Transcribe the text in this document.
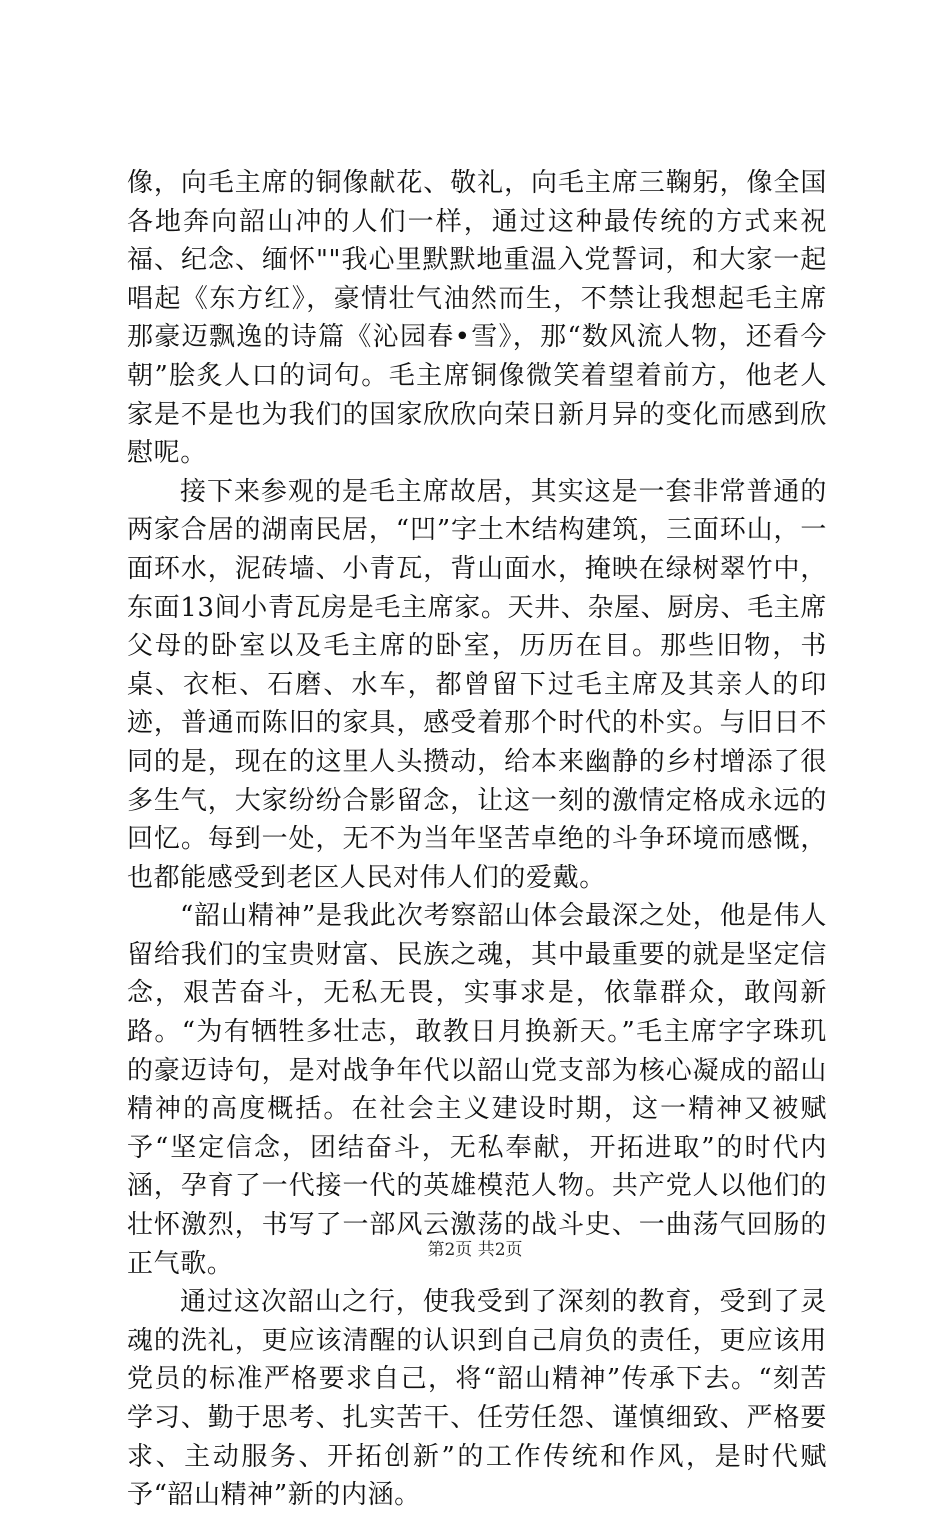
像，向毛主席的铜像献花、敬礼，向毛主席三鞠躬，像全国各地奔向韶山冲的人们一样，通过这种最传统的方式来祝福、纪念、缅怀""我心里默默地重温入党誓词，和大家一起唱起《东方红》，豪情壮气油然而生，不禁让我想起毛主席那豪迈飘逸的诗篇《沁园春•雪》，那“数风流人物，还看今朝”脍炙人口的词句。毛主席铜像微笑着望着前方，他老人家是不是也为我们的国家欣欣向荣日新月异的变化而感到欣慰呢。

接下来参观的是毛主席故居，其实这是一套非常普通的两家合居的湖南民居，“凹”字土木结构建筑，三面环山，一面环水，泥砖墙、小青瓦，背山面水，掩映在绿树翠竹中，东面13间小青瓦房是毛主席家。天井、杂屋、厨房、毛主席父母的卧室以及毛主席的卧室，历历在目。那些旧物，书桌、衣柜、石磨、水车，都曾留下过毛主席及其亲人的印迹，普通而陈旧的家具，感受着那个时代的朴实。与旧日不同的是，现在的这里人头攒动，给本来幽静的乡村增添了很多生气，大家纷纷合影留念，让这一刻的激情定格成永远的回忆。每到一处，无不为当年坚苦卓绝的斗争环境而感慨，也都能感受到老区人民对伟人们的爱戴。

“韶山精神”是我此次考察韶山体会最深之处，他是伟人留给我们的宝贵财富、民族之魂，其中最重要的就是坚定信念，艰苦奋斗，无私无畏，实事求是，依靠群众，敢闯新路。“为有牺牲多壮志，敢教日月换新天。”毛主席字字珠玑的豪迈诗句，是对战争年代以韶山党支部为核心凝成的韶山精神的高度概括。在社会主义建设时期，这一精神又被赋予“坚定信念，团结奋斗，无私奉献，开拓进取”的时代内涵，孕育了一代接一代的英雄模范人物。共产党人以他们的壮怀激烈，书写了一部风云激荡的战斗史、一曲荡气回肠的正气歌。

通过这次韶山之行，使我受到了深刻的教育，受到了灵魂的洗礼，更应该清醒的认识到自己肩负的责任，更应该用党员的标准严格要求自己，将“韶山精神”传承下去。“刻苦学习、勤于思考、扎实苦干、任劳任怨、谨慎细致、严格要求、主动服务、开拓创新”的工作传统和作风，是时代赋予“韶山精神”新的内涵。

第2页 共2页
